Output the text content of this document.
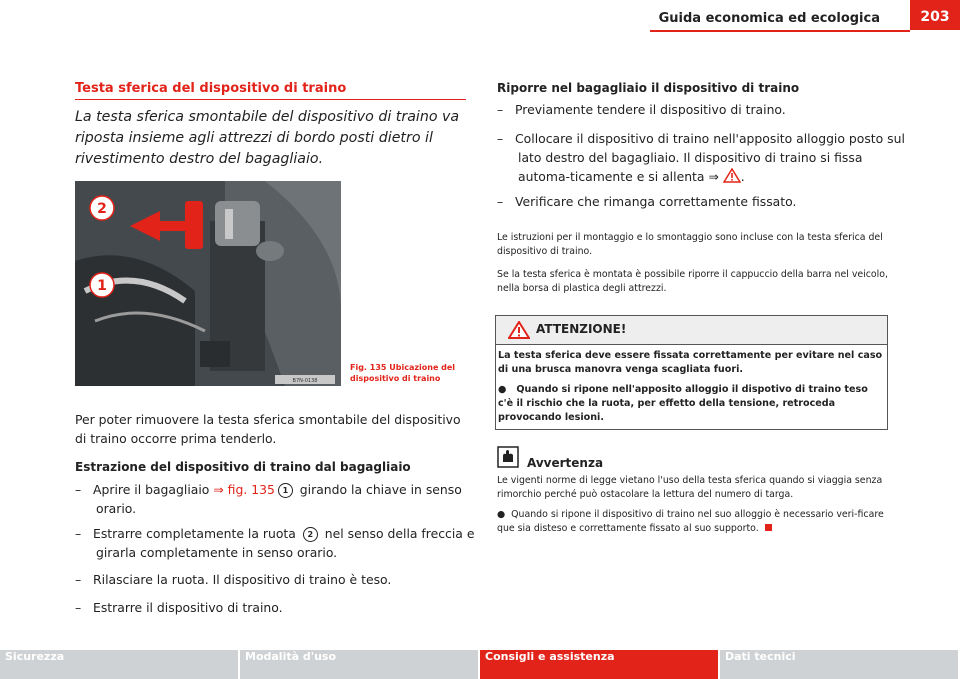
Guida economica ed ecologica	203
Testa sferica del dispositivo di traino
La testa sferica smontabile del dispositivo di traino va riposta insieme agli attrezzi di bordo posti dietro il rivestimento destro del bagagliaio.
B7N-0138
2
1
Fig. 135 Ubicazione del dispositivo di traino
Per poter rimuovere la testa sferica smontabile del dispositivo di traino occorre prima tenderlo.
Estrazione del dispositivo di traino dal bagagliaio
–   Aprire il bagagliaio ⇒ fig. 135 1 girando la chiave in senso orario.
–   Estrarre completamente la ruota 2 nel senso della freccia e girarla completamente in senso orario.
–   Rilasciare la ruota. Il dispositivo di traino è teso.
–   Estrarre il dispositivo di traino.
Riporre nel bagagliaio il dispositivo di traino
–   Previamente tendere il dispositivo di traino.
–   Collocare il dispositivo di traino nell'apposito alloggio posto sul lato destro del bagagliaio. Il dispositivo di traino si fissa automa-ticamente e si allenta ⇒ .
–   Verificare che rimanga correttamente fissato.
Le istruzioni per il montaggio e lo smontaggio sono incluse con la testa sferica del dispositivo di traino.
Se la testa sferica è montata è possibile riporre il cappuccio della barra nel veicolo, nella borsa di plastica degli attrezzi.
ATTENZIONE!
La testa sferica deve essere fissata correttamente per evitare nel caso di una brusca manovra venga scagliata fuori.
●   Quando si ripone nell'apposito alloggio il dispotivo di traino teso c'è il rischio che la ruota, per effetto della tensione, retroceda provocando lesioni.
Avvertenza
Le vigenti norme di legge vietano l'uso della testa sferica quando si viaggia senza rimorchio perché può ostacolare la lettura del numero di targa.
●  Quando si ripone il dispositivo di traino nel suo alloggio è necessario veri-ficare que sia disteso e correttamente fissato al suo supporto.
Sicurezza	Modalità d'uso	Consigli e assistenza	Dati tecnici
